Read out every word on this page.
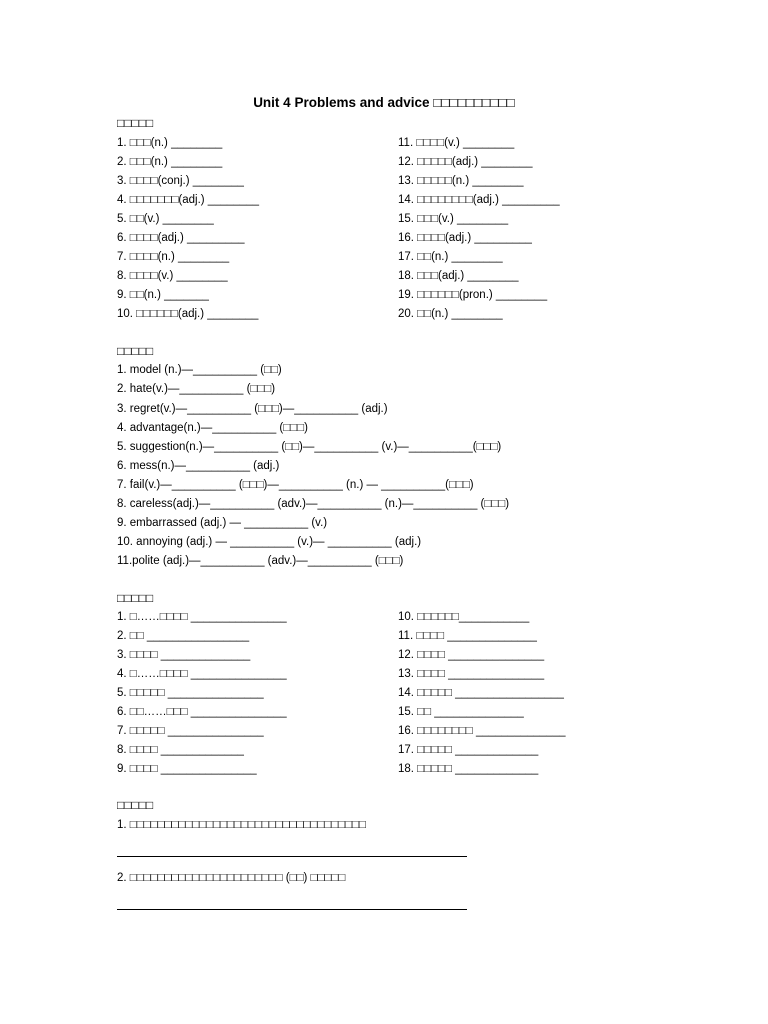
Unit 4 Problems and advice □□□□□□□□□□
□□□□□
1. □□□(n.) ________
2. □□□(n.) ________
3. □□□□(conj.) ________
4. □□□□□□□(adj.) ________
5. □□(v.) ________
6. □□□□(adj.) _________
7. □□□□(n.) ________
8. □□□□(v.) ________
9. □□(n.) _______
10. □□□□□□(adj.) ________
11. □□□□(v.) ________
12. □□□□□(adj.) ________
13. □□□□□(n.) ________
14. □□□□□□□□(adj.) _________
15. □□□(v.) ________
16. □□□□(adj.) _________
17. □□(n.) ________
18. □□□(adj.) ________
19. □□□□□□(pron.) ________
20. □□(n.) ________
□□□□□
1. model (n.)—__________ (□□)
2. hate(v.)—__________ (□□□)
3. regret(v.)—__________ (□□□)—__________ (adj.)
4. advantage(n.)—__________ (□□□)
5. suggestion(n.)—__________ (□□)—__________ (v.)—__________(□□□)
6. mess(n.)—__________ (adj.)
7. fail(v.)—__________ (□□□)—__________ (n.) — __________(□□□)
8. careless(adj.)—__________ (adv.)—__________ (n.)—__________ (□□□)
9. embarrassed (adj.) — __________ (v.)
10. annoying (adj.) — __________ (v.)— __________ (adj.)
11.polite (adj.)—__________ (adv.)—__________ (□□□)
□□□□□
1. □……□□□□ _______________
2. □□ ________________
3. □□□□ ______________
4. □……□□□□ _______________
5. □□□□□ _______________
6. □□……□□□ _______________
7. □□□□□ _______________
8. □□□□ _____________
9. □□□□ _______________
10. □□□□□□___________
11. □□□□ ______________
12. □□□□ _______________
13. □□□□ _______________
14. □□□□□ _________________
15. □□ ______________
16. □□□□□□□□ ______________
17. □□□□□ _____________
18. □□□□□ _____________
□□□□□
1. □□□□□□□□□□□□□□□□□□□□□□□□□□□□□□□□□□
2. □□□□□□□□□□□□□□□□□□□□□□ (□□) □□□□□
